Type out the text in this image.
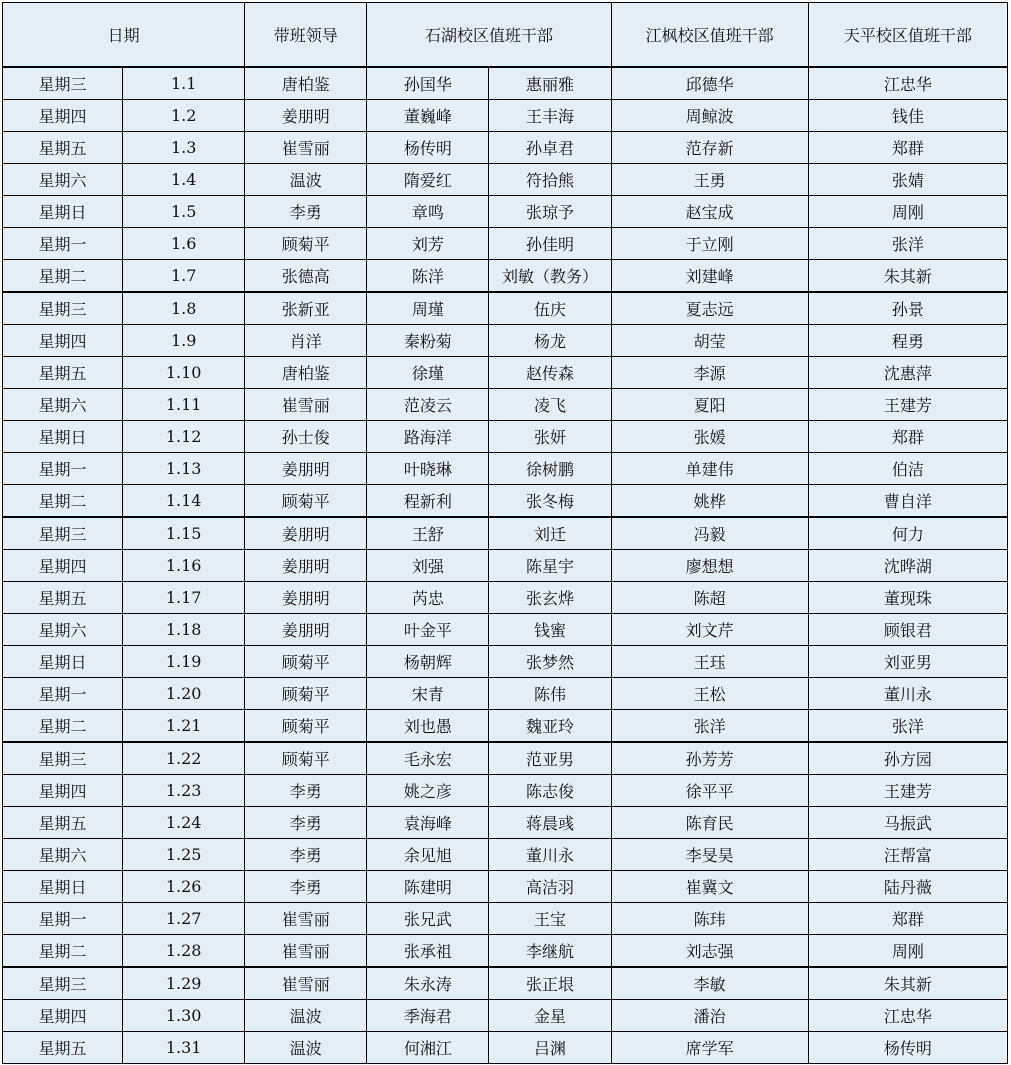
日期		带班领导	石湖校区值班干部		江枫校区值班干部	天平校区值班干部
星期三	1.1	唐柏鉴	孙国华	惠丽雅	邱德华	江忠华
星期四	1.2	姜朋明	董巍峰	王丰海	周鲸波	钱佳
星期五	1.3	崔雪丽	杨传明	孙卓君	范存新	郑群
星期六	1.4	温波	隋爱红	符拾熊	王勇	张婧
星期日	1.5	李勇	章鸣	张琼予	赵宝成	周刚
星期一	1.6	顾菊平	刘芳	孙佳明	于立刚	张洋
星期二	1.7	张德高	陈洋	刘敏（教务）	刘建峰	朱其新
星期三	1.8	张新亚	周瑾	伍庆	夏志远	孙景
星期四	1.9	肖洋	秦粉菊	杨龙	胡莹	程勇
星期五	1.10	唐柏鉴	徐瑾	赵传森	李源	沈惠萍
星期六	1.11	崔雪丽	范凌云	凌飞	夏阳	王建芳
星期日	1.12	孙士俊	路海洋	张妍	张媛	郑群
星期一	1.13	姜朋明	叶晓琳	徐树鹏	单建伟	伯洁
星期二	1.14	顾菊平	程新利	张冬梅	姚桦	曹自洋
星期三	1.15	姜朋明	王舒	刘迁	冯毅	何力
星期四	1.16	姜朋明	刘强	陈星宇	廖想想	沈晔湖
星期五	1.17	姜朋明	芮忠	张玄烨	陈超	董现珠
星期六	1.18	姜朋明	叶金平	钱蜜	刘文芹	顾银君
星期日	1.19	顾菊平	杨朝辉	张梦然	王珏	刘亚男
星期一	1.20	顾菊平	宋青	陈伟	王松	董川永
星期二	1.21	顾菊平	刘也愚	魏亚玲	张洋	张洋
星期三	1.22	顾菊平	毛永宏	范亚男	孙芳芳	孙方园
星期四	1.23	李勇	姚之彦	陈志俊	徐平平	王建芳
星期五	1.24	李勇	袁海峰	蒋晨彧	陈育民	马振武
星期六	1.25	李勇	余见旭	董川永	李旻昊	汪帮富
星期日	1.26	李勇	陈建明	高洁羽	崔冀文	陆丹薇
星期一	1.27	崔雪丽	张兄武	王宝	陈玮	郑群
星期二	1.28	崔雪丽	张承祖	李继航	刘志强	周刚
星期三	1.29	崔雪丽	朱永涛	张正垠	李敏	朱其新
星期四	1.30	温波	季海君	金星	潘治	江忠华
星期五	1.31	温波	何湘江	吕渊	席学军	杨传明
